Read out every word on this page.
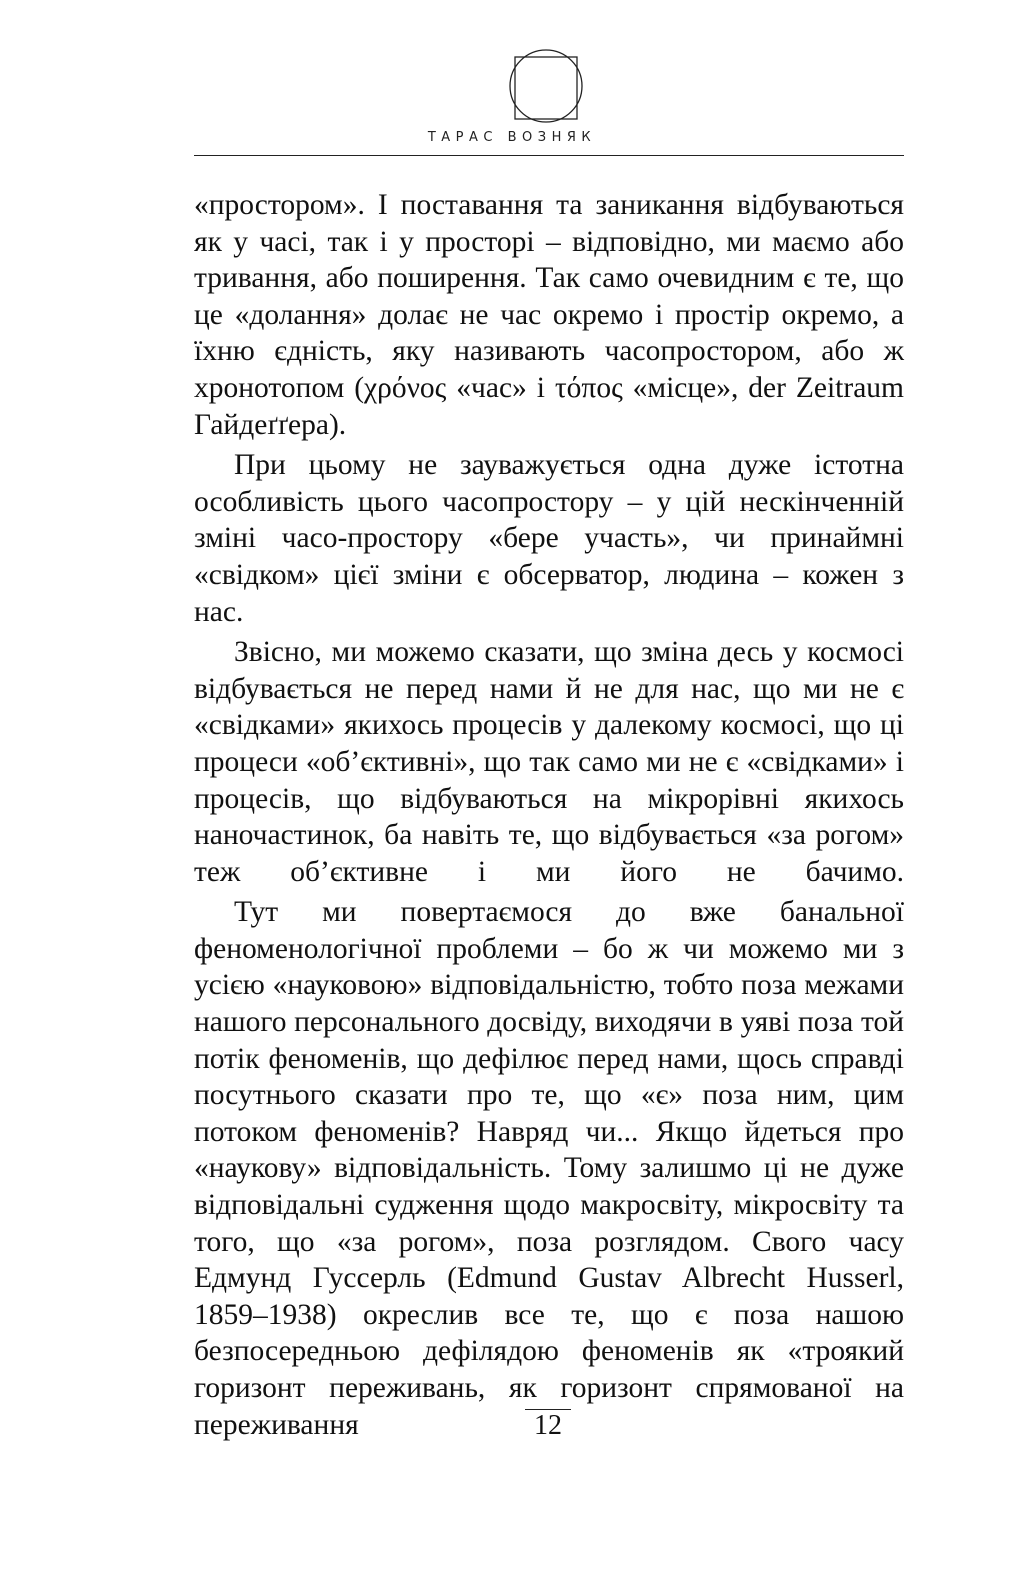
ТАРАС ВОЗНЯК

«простором». І поставання та заникання відбуваються як у часі, так і у просторі – відповідно, ми маємо або тривання, або поширення. Так само очевидним є те, що це «долання» долає не час окремо і простір окремо, а їхню єдність, яку називають часопростором, або ж хронотопом (χρόνος «час» і τόπος «місце», der Zeitraum Гайдеґґера).

При цьому не зауважується одна дуже істотна особливість цього часопростору – у цій нескінченній зміні часо-простору «бере участь», чи принаймні «свідком» цієї зміни є обсерватор, людина – кожен з нас.

Звісно, ми можемо сказати, що зміна десь у космосі відбувається не перед нами й не для нас, що ми не є «свідками» якихось процесів у далекому космосі, що ці процеси «об’єктивні», що так само ми не є «свідками» і процесів, що відбуваються на мікрорівні якихось наночастинок, ба навіть те, що відбувається «за рогом» теж об’єктивне і ми його не бачимо.

Тут ми повертаємося до вже банальної феноменологічної проблеми – бо ж чи можемо ми з усією «науковою» відповідальністю, тобто поза межами нашого персонального досвіду, виходячи в уяві поза той потік феноменів, що дефілює перед нами, щось справді посутнього сказати про те, що «є» поза ним, цим потоком феноменів? Навряд чи... Якщо йдеться про «наукову» відповідальність. Тому залишмо ці не дуже відповідальні судження щодо макросвіту, мікросвіту та того, що «за рогом», поза розглядом. Свого часу Едмунд Гуссерль (Edmund Gustav Albrecht Husserl, 1859–1938) окреслив все те, що є поза нашою безпосередньою дефілядою феноменів як «троякий горизонт переживань, як горизонт спрямованої на переживання	12
